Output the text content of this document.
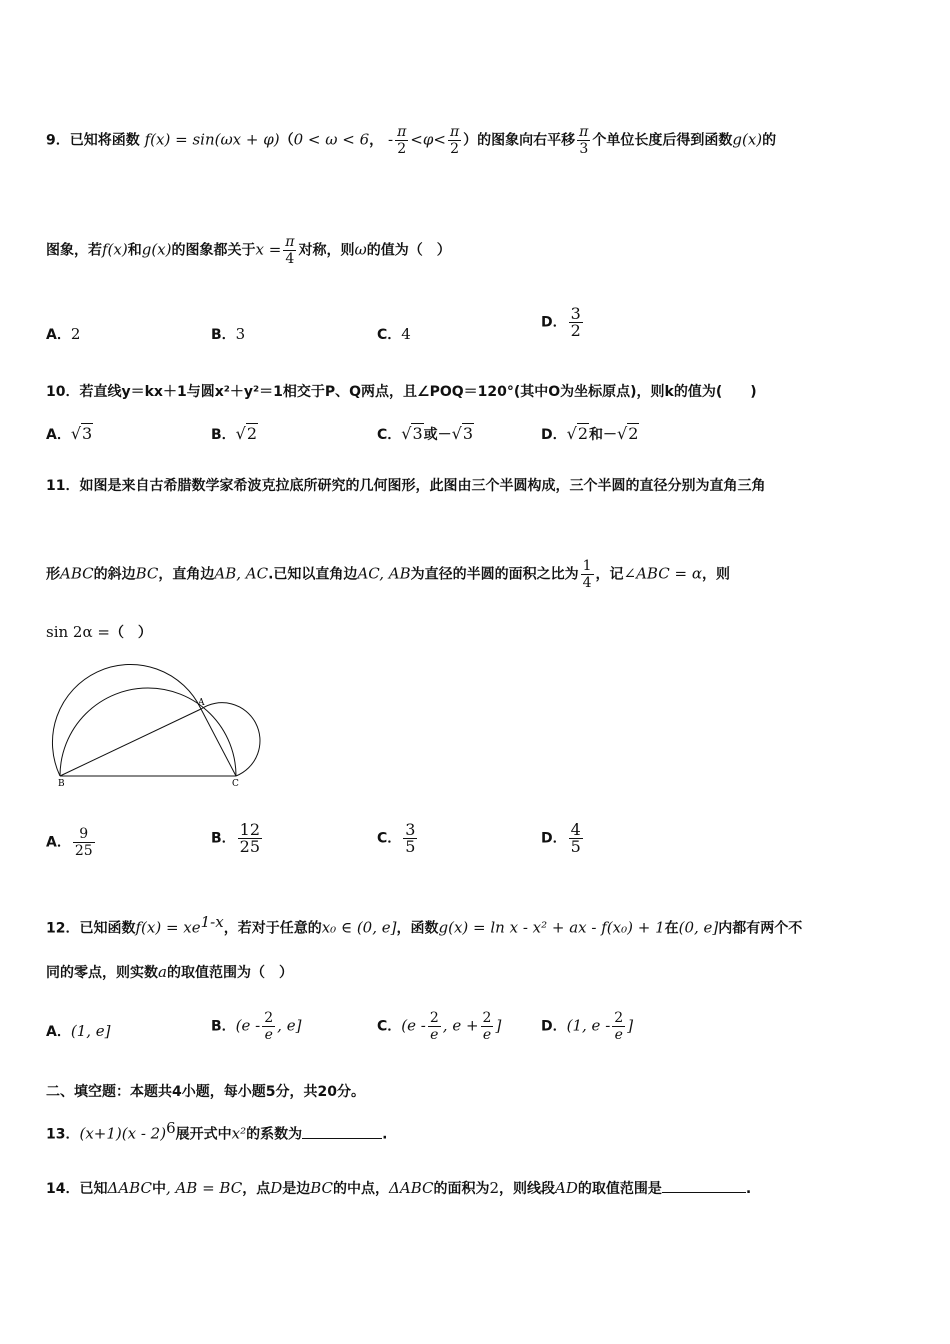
9．已知将函数 f(x) = sin(ωx + φ)（0 < ω < 6， - $\frac{\pi}{2} <\varphi< \frac{\pi}{2}$ ）的图象向右平移 $\frac{\pi}{3}$ 个单位长度后得到函数g(x)的
图象，若f(x)和g(x)的图象都关于$x = \frac{\pi}{4}$ 对称，则ω的值为（　）
A．2	B．3	C．4
D． $\frac{3}{2}$
10．若直线y＝kx＋1与圆x²＋y²＝1相交于P、Q两点，且∠POQ＝120°(其中O为坐标原点)，则k的值为(　　)
A．√3	B．√2	C．√3或－√3	D．√2和－√2
11．如图是来自古希腊数学家希波克拉底所研究的几何图形，此图由三个半圆构成，三个半圆的直径分别为直角三角
形ABC的斜边BC，直角边AB, AC.已知以直角边AC, AB为直径的半圆的面积之比为 $\frac{1}{4}$ ，记∠ABC = α，则
sin 2α =（　）
A
B	C
A． $\frac{9}{25}$	B． $\frac{12}{25}$	C． $\frac{3}{5}$	D． $\frac{4}{5}$
12．已知函数$f(x) = xe^{1-x}$，若对于任意的x₀ ∈ (0, e]，函数g(x) = ln x - x² + ax - f(x₀) + 1在(0, e]内都有两个不
同的零点，则实数a的取值范围为（　）
A．(1, e]	B．($e - \frac{2}{e}$ , e]	C．($e - \frac{2}{e}$ , $e + \frac{2}{e}$ ]	D．(1, e - $\frac{2}{e}$ ]
二、填空题：本题共4小题，每小题5分，共20分。
13．(x+1)(x - 2)$^6$展开式中x²的系数为	.
14．已知ΔABC中, AB = BC，点D是边BC的中点，ΔABC的面积为2，则线段AD的取值范围是	.
